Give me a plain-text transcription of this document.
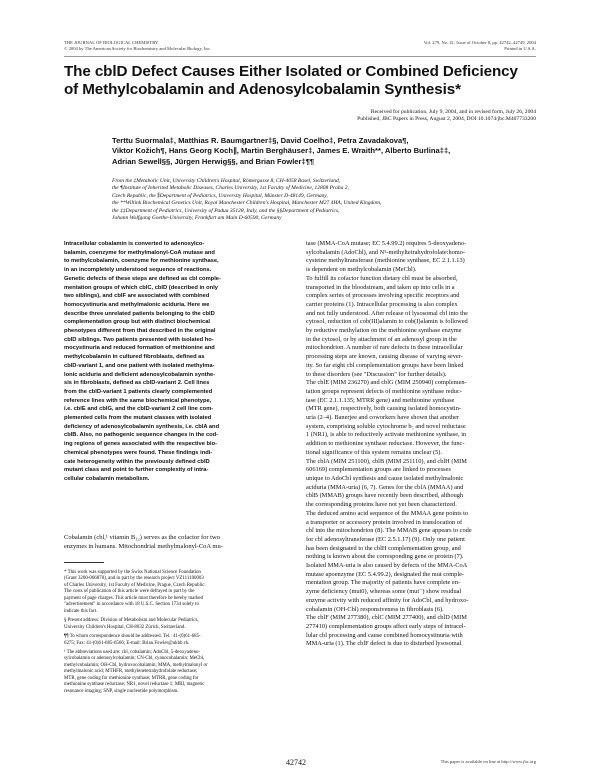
THE JOURNAL OF BIOLOGICAL CHEMISTRY
© 2004 by The American Society for Biochemistry and Molecular Biology, Inc.
Vol. 279, No. 41, Issue of October 8, pp. 42742–42749, 2004
Printed in U.S.A.
The cblD Defect Causes Either Isolated or Combined Deficiency
of Methylcobalamin and Adenosylcobalamin Synthesis*
Received for publication, July 9, 2004, and in revised form, July 26, 2004
Published, JBC Papers in Press, August 2, 2004, DOI 10.1074/jbc.M407733200
Terttu Suormala‡, Matthias R. Baumgartner‡§, David Coelho‡, Petra Zavadakova¶,
Viktor Kožich¶, Hans Georg Koch∥, Martin Berghäuser‡, James E. Wraith**, Alberto Burlina‡‡,
Adrian Sewell§§, Jürgen Herwig§§, and Brian Fowler‡¶¶
From the ‡Metabolic Unit, University Children's Hospital, Römergasse 8, CH-4058 Basel, Switzerland,
the ¶Institute of Inherited Metabolic Diseases, Charles University, 1st Faculty of Medicine, 12808 Praha 2,
Czech Republic, the ∥Department of Pediatrics, University Hospital, Münster D-48149, Germany,
the **Willink Biochemical Genetics Unit, Royal Manchester Children's Hospital, Manchester M27 4HA, United Kingdom,
the ‡‡Department of Pediatrics, University of Padua 35128, Italy, and the §§Department of Pediatrics,
Johann Wolfgang Goethe-University, Frankfurt am Main D-60590, Germany
Intracellular cobalamin is converted to adenosylco-
balamin, coenzyme for methylmalonyl-CoA mutase and
to methylcobalamin, coenzyme for methionine synthase,
in an incompletely understood sequence of reactions.
Genetic defects of these steps are defined as cbl comple-
mentation groups of which cblC, cblD (described in only
two siblings), and cblF are associated with combined
homocystinuria and methylmalonic aciduria. Here we
describe three unrelated patients belonging to the cblD
complementation group but with distinct biochemical
phenotypes different from that described in the original
cblD siblings. Two patients presented with isolated ho-
mocystinuria and reduced formation of methionine and
methylcobalamin in cultured fibroblasts, defined as
cblD-variant 1, and one patient with isolated methylma-
lonic aciduria and deficient adenosylcobalamin synthe-
sis in fibroblasts, defined as cblD-variant 2. Cell lines
from the cblD-variant 1 patients clearly complemented
reference lines with the same biochemical phenotype,
i.e. cblE and cblG, and the cblD-variant 2 cell line com-
plemented cells from the mutant classes with isolated
deficiency of adenosylcobalamin synthesis, i.e. cblA and
cblB. Also, no pathogenic sequence changes in the cod-
ing regions of genes associated with the respective bio-
chemical phenotypes were found. These findings indi-
cate heterogeneity within the previously defined cblD
mutant class and point to further complexity of intra-
cellular cobalamin metabolism.
Cobalamin (cbl,¹ vitamin B₁₂) serves as the cofactor for two
enzymes in humans. Mitochondrial methylmalonyl-CoA mu-
* This work was supported by the Swiss National Science Foundation
(Grant 3200-066878), and in part by the research project VZ111100003
of Charles University, 1st Faculty of Medicine, Prague, Czech Republic.
The costs of publication of this article were defrayed in part by the
payment of page charges. This article must therefore be hereby marked
"advertisement" in accordance with 18 U.S.C. Section 1734 solely to
indicate this fact.
§ Present address: Division of Metabolism and Molecular Pediatrics,
University Children's Hospital, CH-8032 Zürich, Switzerland.
¶¶ To whom correspondence should be addressed. Tel.: 41-(0)61-685-
6275; Fax: 41-(0)61-685-6566; E-mail: Brian.Fowler@ukbb.ch.
¹ The abbreviations used are: cbl, cobalamin; AdoCbl, 5-deoxyadeno-
sylcobalamin or adenosylcobalamin; CN-Cbl, cyanocobalamin; MeCbl,
methylcobalamin; OH-Cbl, hydroxocobalamin; MMA, methylmalonyl or
methylmalonic acid; MTHFR, methylenetetrahydrofolate reductase;
MTR, gene coding for methionine synthase; MTRR, gene coding for
methionine synthase reductase; NR1, novel reductase 1; MRI, magnetic
resonance imaging; SNP, single nucleotide polymorphism.
tase (MMA-CoA mutase; EC 5.4.99.2) requires 5-deoxyadeno-
sylcobalamin (AdoCbl), and N⁵-methyltetrahydrofolate:homo-
cysteine methyltransferase (methionine synthase, EC 2.1.1.13)
is dependent on methylcobalamin (MeCbl).
To fulfill its cofactor function dietary cbl must be absorbed,
transported in the bloodstream, and taken up into cells in a
complex series of processes involving specific receptors and
carrier proteins (1). Intracellular processing is also complex
and not fully understood. After release of lysosomal cbl into the
cytosol, reduction of cob(III)alamin to cob(I)alamin is followed
by reductive methylation on the methionine synthase enzyme
in the cytosol, or by attachment of an adenosyl group in the
mitochondrion. A number of rare defects in these intracellular
processing steps are known, causing disease of varying sever-
ity. So far eight cbl complementation groups have been linked
to these disorders (see "Discussion" for further details).
The cblE (MIM 236270) and cblG (MIM 250940) complemen-
tation groups represent defects of methionine synthase reduc-
tase (EC 2.1.1.135; MTRR gene) and methionine synthase
(MTR gene), respectively, both causing isolated homocystin-
uria (2–4). Banerjee and coworkers have shown that another
system, comprising soluble cytochrome b₅ and novel reductase
1 (NR1), is able to reductively activate methionine synthase, in
addition to methionine synthase reductase. However, the func-
tional significance of this system remains unclear (5).
The cblA (MIM 251100), cblB (MIM 251110), and cblH (MIM
606169) complementation groups are linked to processes
unique to AdoCbl synthesis and cause isolated methylmalonic
aciduria (MMA-uria) (6, 7). Genes for the cblA (MMAA) and
cblB (MMAB) groups have recently been described, although
the corresponding proteins have not yet been characterized.
The deduced amino acid sequence of the MMAA gene points to
a transporter or accessory protein involved in translocation of
cbl into the mitochondrion (8). The MMAB gene appears to code
for cbl adenosyltransferase (EC 2.5.1.17) (9). Only one patient
has been designated to the cblH complementation group, and
nothing is known about the corresponding gene or protein (7).
Isolated MMA-uria is also caused by defects of the MMA-CoA
mutase apoenzyme (EC 5.4.99.2), designated the mut comple-
mentation group. The majority of patients have complete en-
zyme deficiency (mut0), whereas some (mut⁻) show residual
enzyme activity with reduced affinity for AdoCbl, and hydroxo-
cobalamin (OH-Cbl) responsiveness in fibroblasts (6).
The cblF (MIM 277380), cblC (MIM 277400), and cblD (MIM
277410) complementation groups affect early steps of intracel-
lular cbl processing and cause combined homocystinuria with
MMA-uria (1). The cblF defect is due to disturbed lysosomal
42742	This paper is available on line at http://www.jbc.org
